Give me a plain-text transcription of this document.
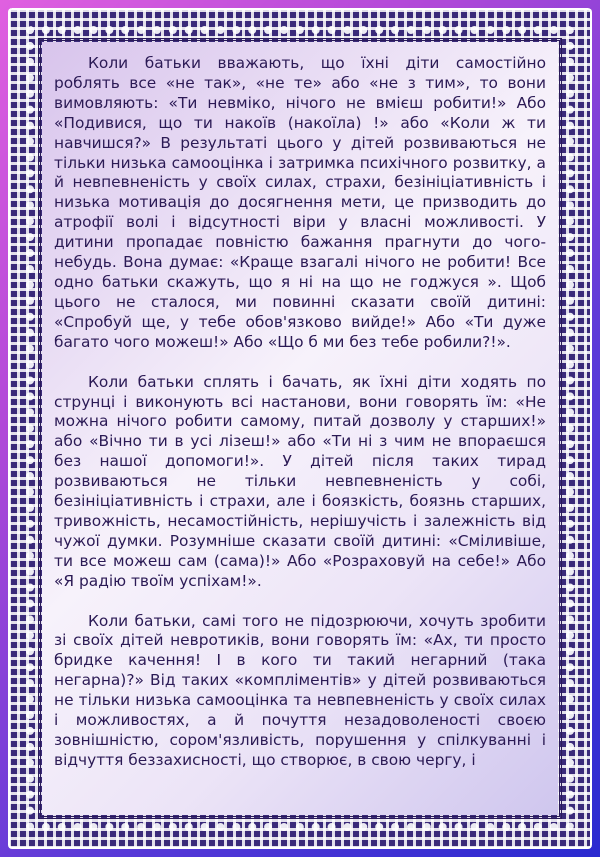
Коли батьки вважають, що їхні діти самостійно роблять все «не так», «не те» або «не з тим», то вони вимовляють: «Ти невміко, нічого не вмієш робити!» Або «Подивися, що ти накоїв (накоїла) !» або «Коли ж ти навчишся?» В результаті цього у дітей розвиваються не тільки низька самооцінка і затримка психічного розвитку, а й невпевненість у своїх силах, страхи, безініціативність і низька мотивація до досягнення мети, це призводить до атрофії волі і відсутності віри у власні можливості. У дитини пропадає повністю бажання прагнути до чого-небудь. Вона думає: «Краще взагалі нічого не робити! Все одно батьки скажуть, що я ні на що не годжуся ». Щоб цього не сталося, ми повинні сказати своїй дитині: «Спробуй ще, у тебе обов'язково вийде!» Або «Ти дуже багато чого можеш!» Або «Що б ми без тебе робили?!».

Коли батьки сплять і бачать, як їхні діти ходять по струнці і виконують всі настанови, вони говорять їм: «Не можна нічого робити самому, питай дозволу у старших!» або «Вічно ти в усі лізеш!» або «Ти ні з чим не впораєшся без нашої допомоги!». У дітей після таких тирад розвиваються не тільки невпевненість у собі, безініціативність і страхи, але і боязкість, боязнь старших, тривожність, несамостійність, нерішучість і залежність від чужої думки. Розумніше сказати своїй дитині: «Сміливіше, ти все можеш сам (сама)!» Або «Розраховуй на себе!» Або «Я радію твоїм успіхам!».

Коли батьки, самі того не підозрюючи, хочуть зробити зі своїх дітей невротиків, вони говорять їм: «Ах, ти просто бридке качення! І в кого ти такий негарний (така негарна)?» Від таких «компліментів» у дітей розвиваються не тільки низька самооцінка та невпевненість у своїх силах і можливостях, а й почуття незадоволеності своєю зовнішністю, сором'язливість, порушення у спілкуванні і відчуття беззахисності, що створює, в свою чергу, і
